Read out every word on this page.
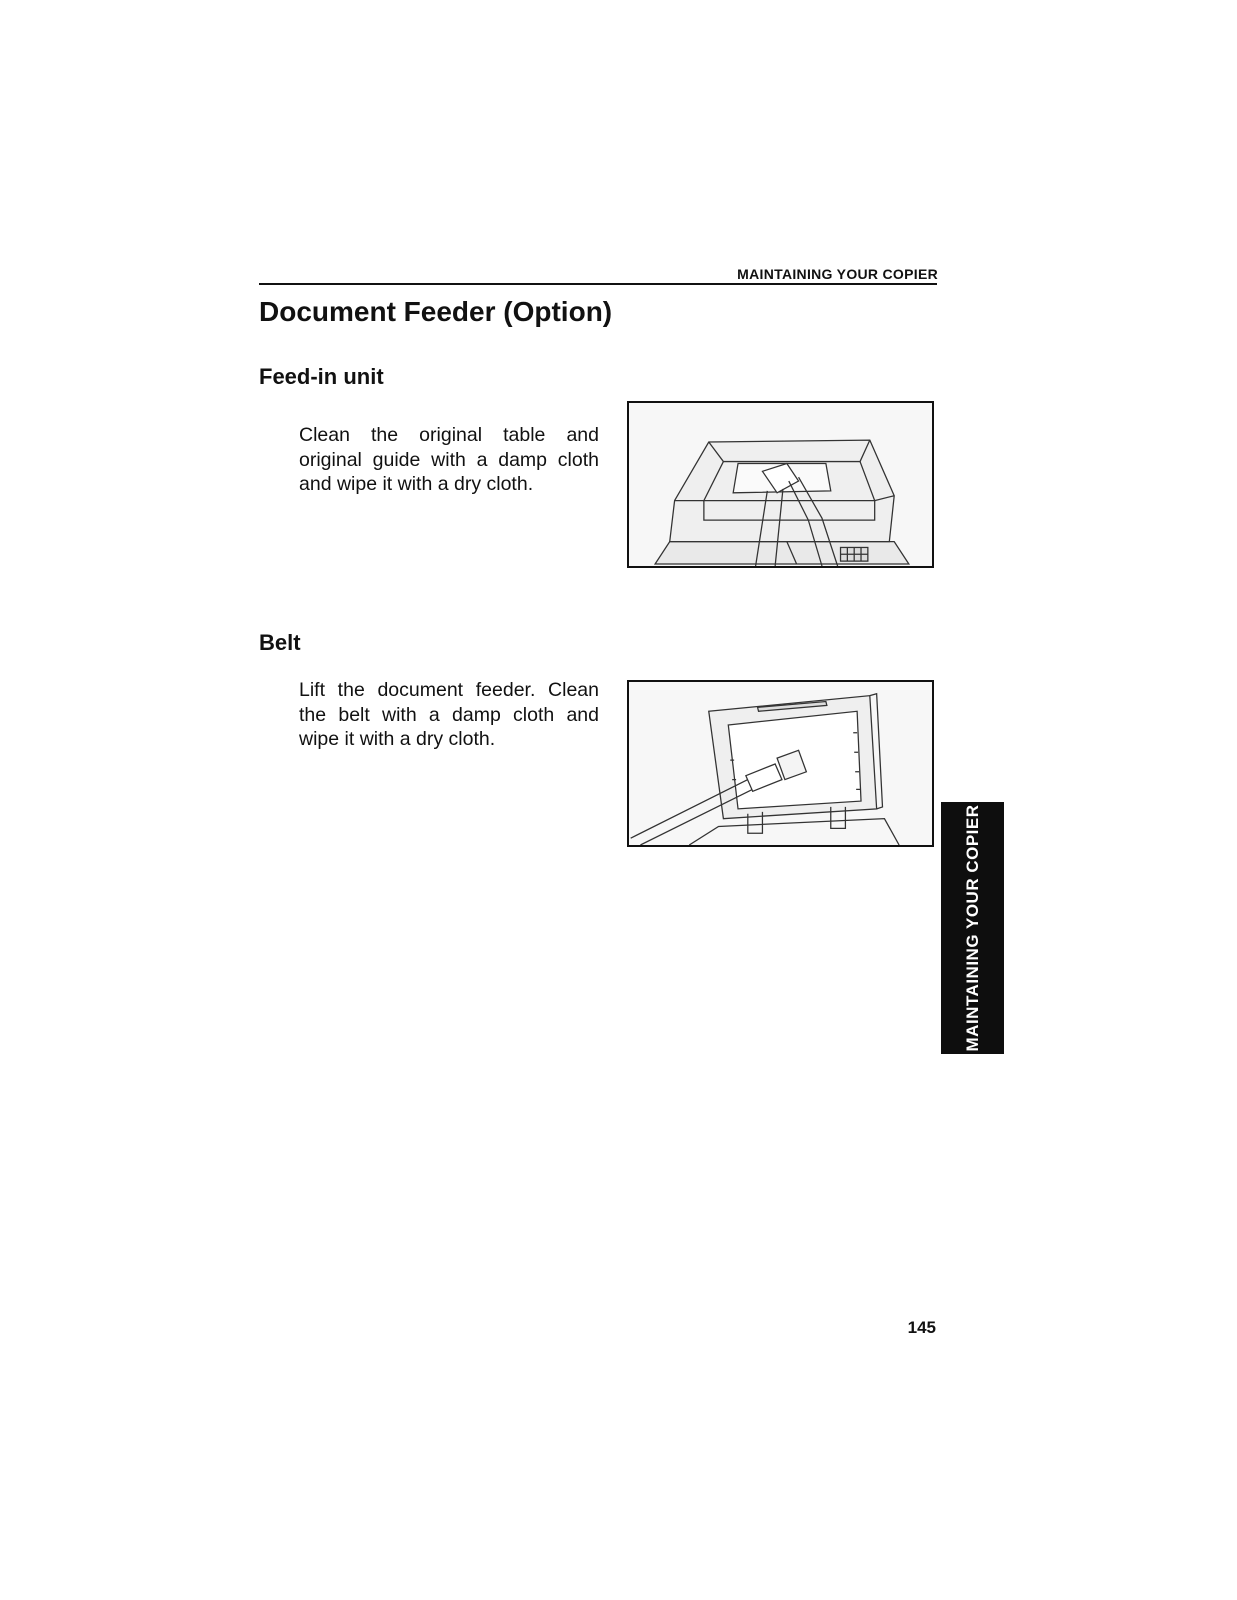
MAINTAINING YOUR COPIER
Document Feeder (Option)
Feed-in unit

Clean the original table and original guide with a damp cloth and wipe it with a dry cloth.

Belt

Lift the document feeder. Clean the belt with a damp cloth and wipe it with a dry cloth.

MAINTAINING YOUR COPIER
145
